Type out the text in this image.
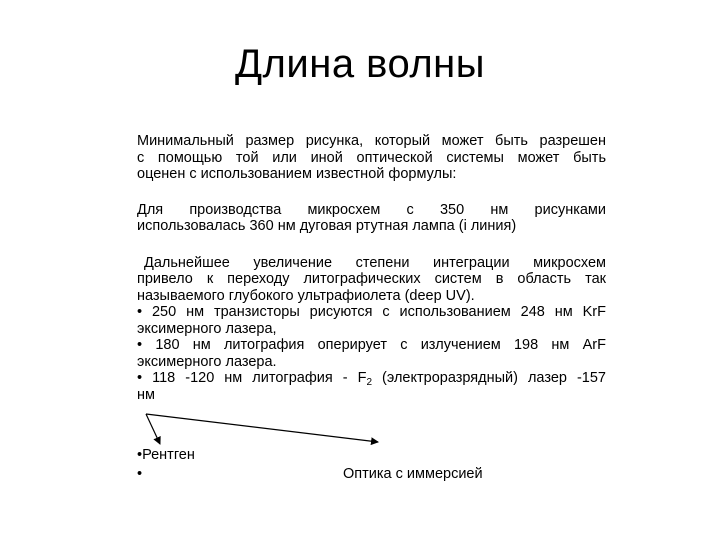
Длина волны
Минимальный размер рисунка, который может быть разрешен
с помощью той или иной оптической системы может быть
оценен с использованием известной формулы:
Для производства микросхем с 350 нм рисунками
использовалась 360 нм дуговая ртутная лампа (i линия)
Дальнейшее увеличение степени интеграции микросхем
привело к переходу литографических систем в область так
называемого глубокого ультрафиолета (deep UV).
• 250 нм транзисторы рисуются с использованием 248 нм KrF
эксимерного лазера,
• 180 нм литография оперирует с излучением 198 нм ArF
эксимерного лазера.
• 118 -120 нм литография - $F_2$ (электроразрядный) лазер -157
нм
•Рентген
•	Оптика с иммерсией
